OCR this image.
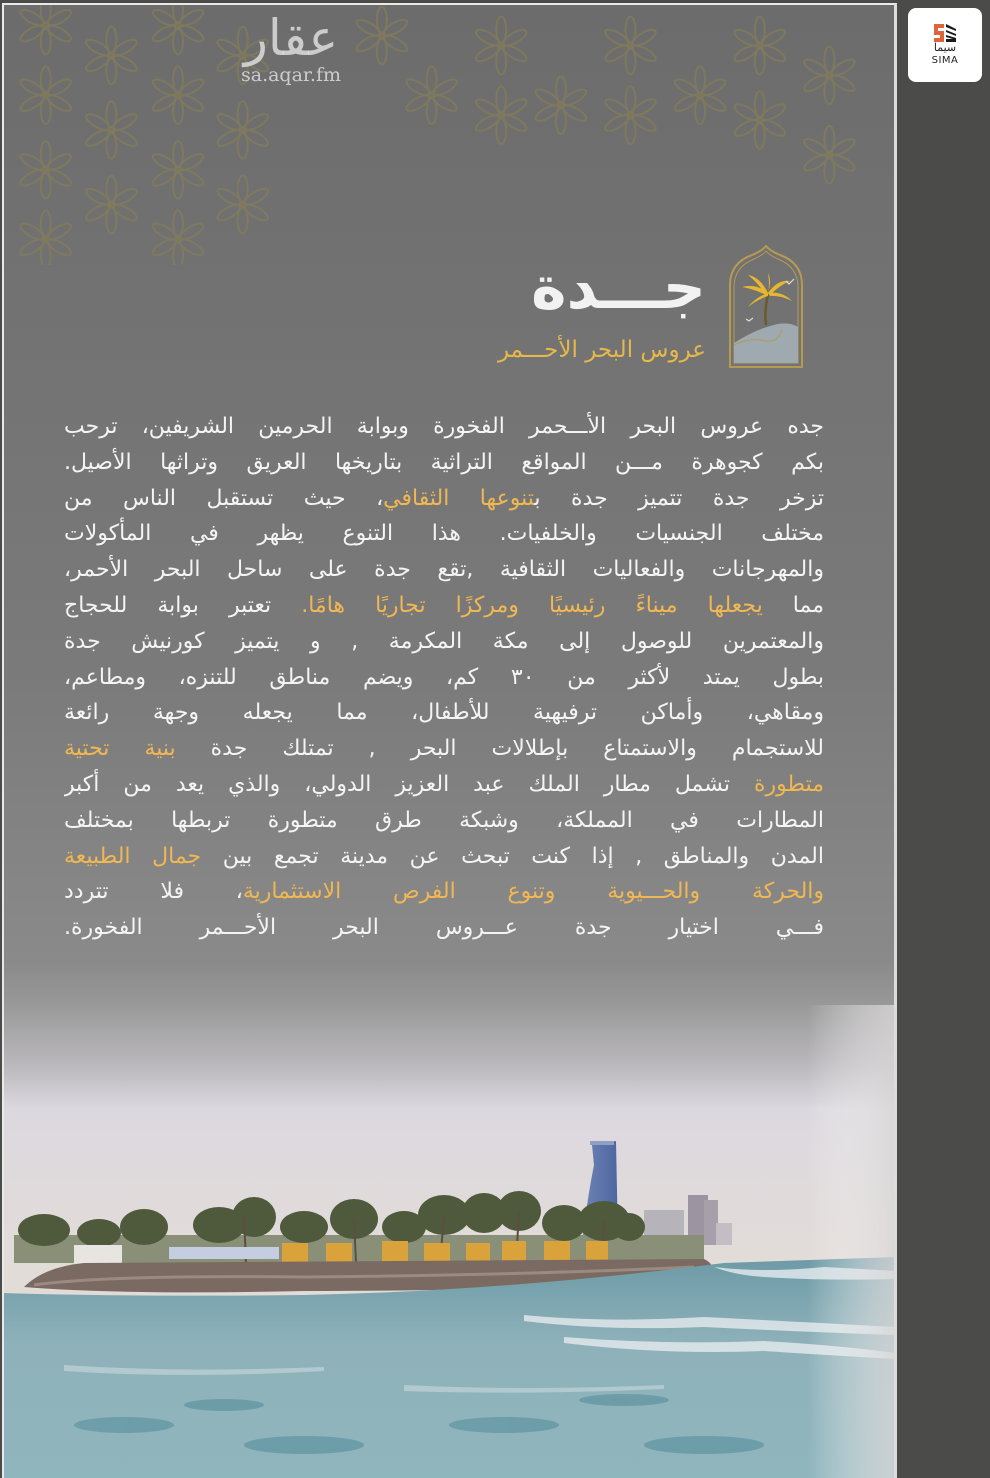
عقار
sa.aqar.fm
جـــدة
عروس البحر الأحـــمر
جده عروس البحر الأـــحمر الفخورة وبوابة الحرمين الشريفين، ترحب
بكم كجوهرة مـــن المواقع التراثية بتاريخها العريق وتراثها الأصيل.
تزخر جدة تتميز جدة بتنوعها الثقافي، حيث تستقبل الناس من
مختلف الجنسيات والخلفيات. هذا التنوع يظهر في المأكولات
والمهرجانات والفعاليات الثقافية ,تقع جدة على ساحل البحر الأحمر،
مما يجعلها ميناءً رئيسيًا ومركزًا تجاريًا هامًا. تعتبر بوابة للحجاج
والمعتمرين للوصول إلى مكة المكرمة , و يتميز كورنيش جدة
بطول يمتد لأكثر من ٣٠ كم، ويضم مناطق للتنزه، ومطاعم،
ومقاهي، وأماكن ترفيهية للأطفال، مما يجعله وجهة رائعة
للاستجمام والاستمتاع بإطلالات البحر , تمتلك جدة بنية تحتية
متطورة تشمل مطار الملك عبد العزيز الدولي، والذي يعد من أكبر
المطارات في المملكة، وشبكة طرق متطورة تربطها بمختلف
المدن والمناطق , إذا كنت تبحث عن مدينة تجمع بين جمال الطبيعة
والحركة والحـــيوية وتنوع الفرص الاستثمارية، فلا تتردد
فـــي اختيار جدة عـــروس البحر الأحـــمر الفخورة.
سيما
SIMA
